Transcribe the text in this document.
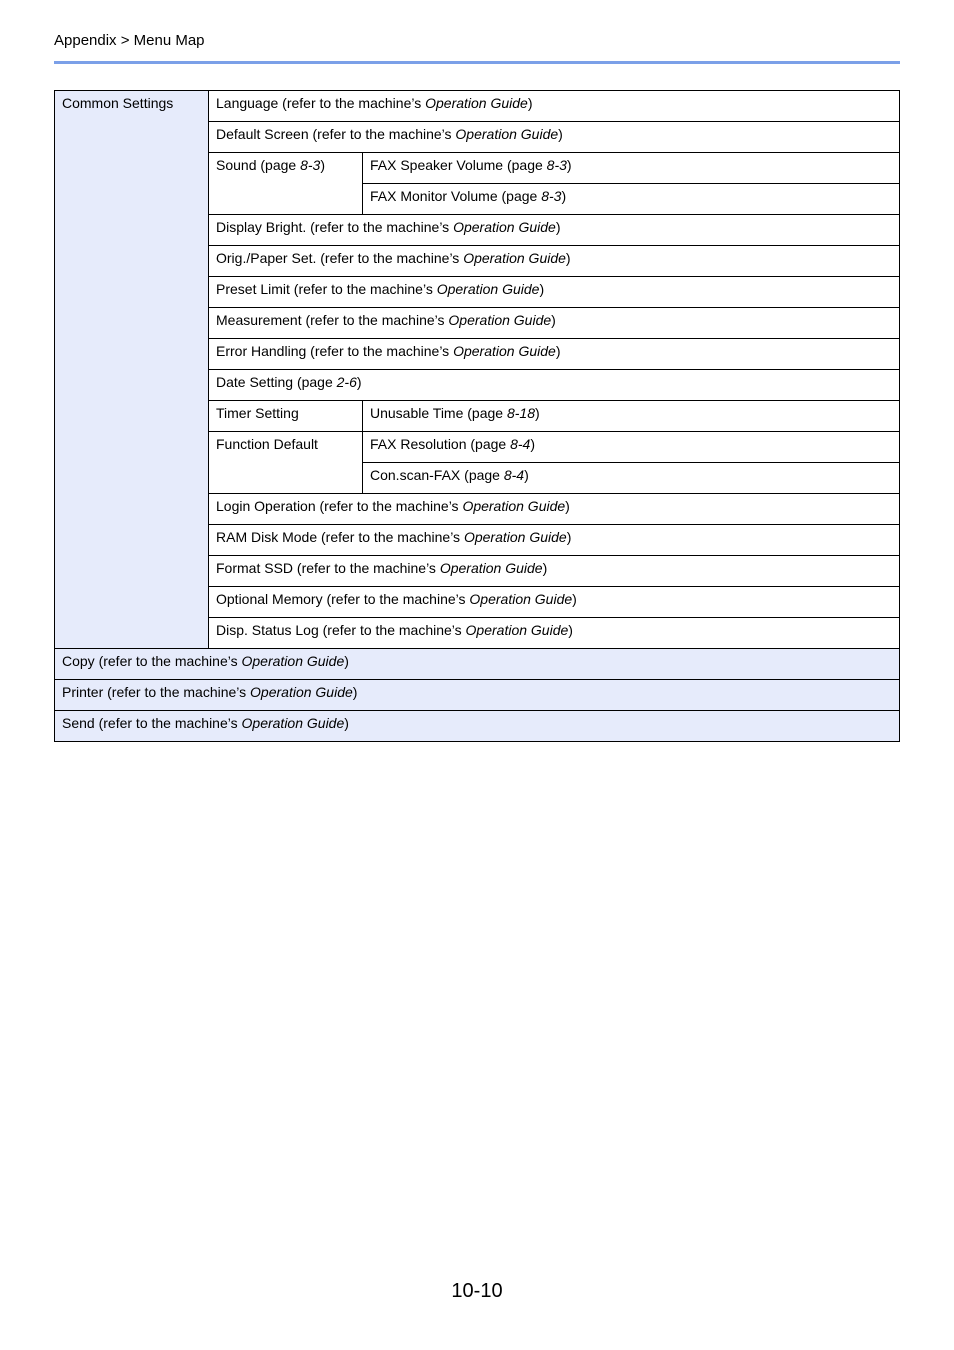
Appendix > Menu Map
Common Settings	Language (refer to the machine’s Operation Guide)	
	Default Screen (refer to the machine’s Operation Guide)	
	Sound (page 8-3)	FAX Speaker Volume (page 8-3)
		FAX Monitor Volume (page 8-3)
	Display Bright. (refer to the machine’s Operation Guide)	
	Orig./Paper Set. (refer to the machine’s Operation Guide)	
	Preset Limit (refer to the machine’s Operation Guide)	
	Measurement (refer to the machine’s Operation Guide)	
	Error Handling (refer to the machine’s Operation Guide)	
	Date Setting (page 2-6)	
	Timer Setting	Unusable Time (page 8-18)
	Function Default	FAX Resolution (page 8-4)
		Con.scan-FAX (page 8-4)
	Login Operation (refer to the machine’s Operation Guide)	
	RAM Disk Mode (refer to the machine’s Operation Guide)	
	Format SSD (refer to the machine’s Operation Guide)	
	Optional Memory (refer to the machine’s Operation Guide)	
	Disp. Status Log (refer to the machine’s Operation Guide)	
Copy (refer to the machine’s Operation Guide)		
Printer (refer to the machine’s Operation Guide)		
Send (refer to the machine’s Operation Guide)		
10-10
